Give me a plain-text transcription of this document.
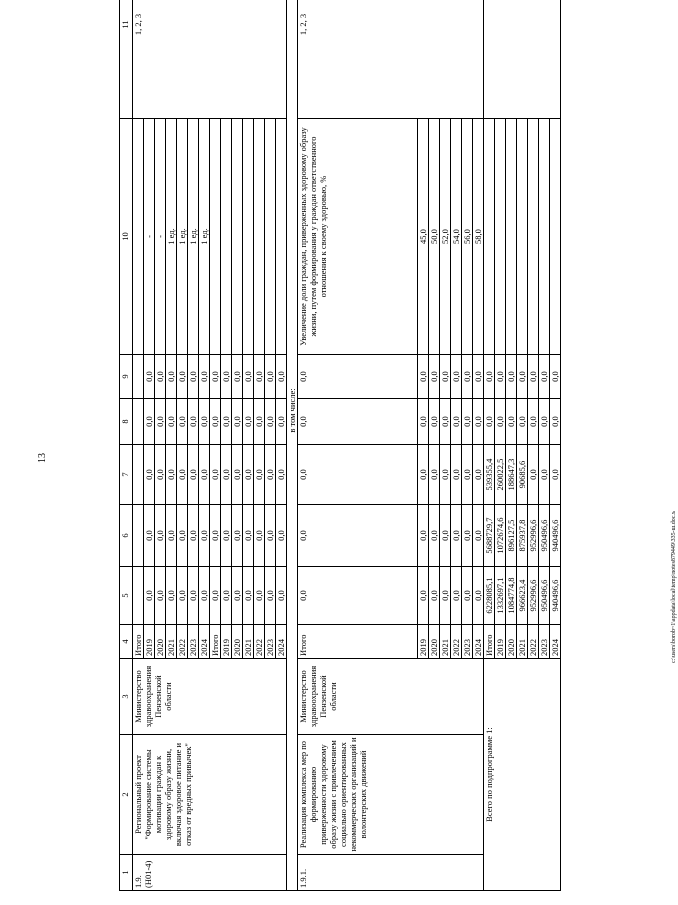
13
c:\users\borob~1\appdata\local\temp\notes879449\335-ш.doc.ъ
1	2	3	4	5	6	7	8	9	10	11
1.9. (Н01-4)	Региональный проект "Формирование системы мотивации граждан к здоровому образу жизни, включая здоровое питание и отказ от вредных привычек"	Министерство здравоохранения Пензенской области	Итого							1, 2, 3
			2019	0,0	0,0	0,0	0,0	0,0	-	
			2020	0,0	0,0	0,0	0,0	0,0	-	
			2021	0,0	0,0	0,0	0,0	0,0	1 ед.	
			2022	0,0	0,0	0,0	0,0	0,0	1 ед.	
			2023	0,0	0,0	0,0	0,0	0,0	1 ед.	
			2024	0,0	0,0	0,0	0,0	0,0	1 ед.	
			Итого	0,0	0,0	0,0	0,0	0,0		
			2019	0,0	0,0	0,0	0,0	0,0		
			2020	0,0	0,0	0,0	0,0	0,0		
			2021	0,0	0,0	0,0	0,0	0,0		
			2022	0,0	0,0	0,0	0,0	0,0		
			2023	0,0	0,0	0,0	0,0	0,0		
			2024	0,0	0,0	0,0	0,0	0,0		
в том числе:										
1.9.1.	Реализация комплекса мер по формированию приверженности здоровому образу жизни с привлечением социально ориентированных некоммерческих организаций и волонтерских движений	Министерство здравоохранения Пензенской области	Итого	0,0	0,0	0,0	0,0	0,0	Увеличение доли граждан, приверженных здоровому образу жизни, путем формирования у граждан ответственного отношения к своему здоровью, %	1, 2, 3
			2019	0,0	0,0	0,0	0,0	0,0	45,0	
			2020	0,0	0,0	0,0	0,0	0,0	50,0	
			2021	0,0	0,0	0,0	0,0	0,0	52,0	
			2022	0,0	0,0	0,0	0,0	0,0	54,0	
			2023	0,0	0,0	0,0	0,0	0,0	56,0	
			2024	0,0	0,0	0,0	0,0	0,0	58,0	
Всего по подпрограмме 1:			Итого	6228085,1	5688729,7	539355,4	0,0	0,0		
			2019	1332697,1	1072674,6	260022,5	0,0	0,0		
			2020	1084774,8	896127,5	188647,3	0,0	0,0		
			2021	966623,4	875937,8	90685,6	0,0	0,0		
			2022	952996,6	952996,6	0,0	0,0	0,0		
			2023	950496,6	950496,6	0,0	0,0	0,0		
			2024	940496,6	940496,6	0,0	0,0	0,0		
